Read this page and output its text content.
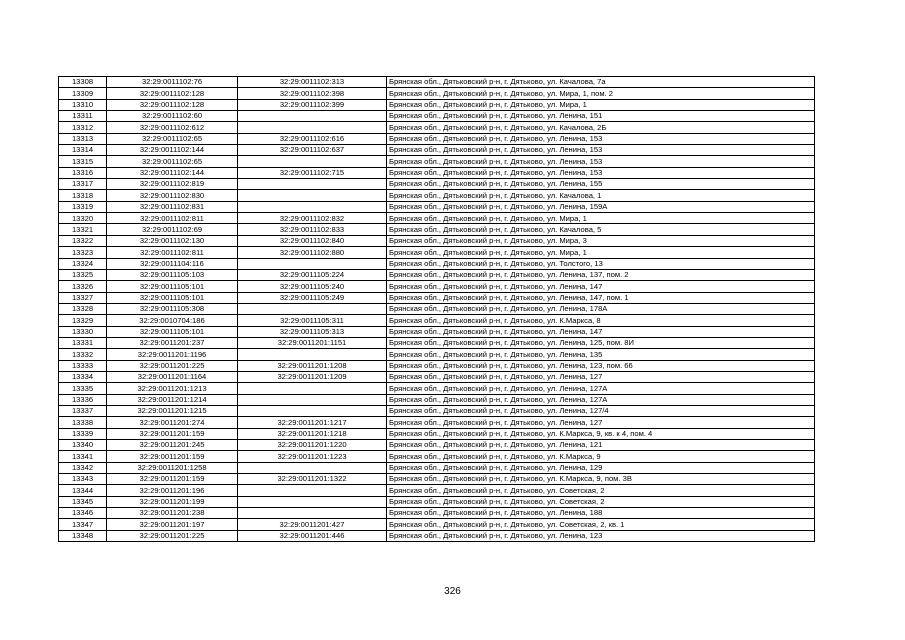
13308	32:29:0011102:76	32:29:0011102:313	Брянская обл., Дятьковский р-н, г. Дятьково, ул. Качалова, 7а
13309	32:29:0011102:128	32:29:0011102:398	Брянская обл., Дятьковский р-н, г. Дятьково, ул. Мира, 1, пом. 2
13310	32:29:0011102:128	32:29:0011102:399	Брянская обл., Дятьковский р-н, г. Дятьково, ул. Мира, 1
13311	32:29:0011102:60		Брянская обл., Дятьковский р-н, г. Дятьково, ул. Ленина, 151
13312	32:29:0011102:612		Брянская обл., Дятьковский р-н, г. Дятьково, ул. Качалова, 2Б
13313	32:29:0011102:65	32:29:0011102:616	Брянская обл., Дятьковский р-н, г. Дятьково, ул. Ленина, 153
13314	32:29:0011102:144	32:29:0011102:637	Брянская обл., Дятьковский р-н, г. Дятьково, ул. Ленина, 153
13315	32:29:0011102:65		Брянская обл., Дятьковский р-н, г. Дятьково, ул. Ленина, 153
13316	32:29:0011102:144	32:29:0011102:715	Брянская обл., Дятьковский р-н, г. Дятьково, ул. Ленина, 153
13317	32:29:0011102:819		Брянская обл., Дятьковский р-н, г. Дятьково, ул. Ленина, 155
13318	32:29:0011102:830		Брянская обл., Дятьковский р-н, г. Дятьково, ул. Качалова, 1
13319	32:29:0011102:831		Брянская обл., Дятьковский р-н, г. Дятьково, ул. Ленина, 159А
13320	32:29:0011102:811	32:29:0011102:832	Брянская обл., Дятьковский р-н, г. Дятьково, ул. Мира, 1
13321	32:29:0011102:69	32:29:0011102:833	Брянская обл., Дятьковский р-н, г. Дятьково, ул. Качалова, 5
13322	32:29:0011102:130	32:29:0011102:840	Брянская обл., Дятьковский р-н, г. Дятьково, ул. Мира, 3
13323	32:29:0011102:811	32:29:0011102:880	Брянская обл., Дятьковский р-н, г. Дятьково, ул. Мира, 1
13324	32:29:0011104:116		Брянская обл., Дятьковский р-н, г. Дятьково, ул. Толстого, 13
13325	32:29:0011105:103	32:29:0011105:224	Брянская обл., Дятьковский р-н, г. Дятьково, ул. Ленина, 137, пом. 2
13326	32:29:0011105:101	32:29:0011105:240	Брянская обл., Дятьковский р-н, г. Дятьково, ул. Ленина, 147
13327	32:29:0011105:101	32:29:0011105:249	Брянская обл., Дятьковский р-н, г. Дятьково, ул. Ленина, 147, пом. 1
13328	32:29:0011105:308		Брянская обл., Дятьковский р-н, г. Дятьково, ул. Ленина, 178А
13329	32:29:0010704:186	32:29:0011105:311	Брянская обл., Дятьковский р-н, г. Дятьково, ул. К.Маркса, 8
13330	32:29:0011105:101	32:29:0011105:313	Брянская обл., Дятьковский р-н, г. Дятьково, ул. Ленина, 147
13331	32:29:0011201:237	32:29:0011201:1151	Брянская обл., Дятьковский р-н, г. Дятьково, ул. Ленина, 125, пом. 8И
13332	32:29:0011201:1196		Брянская обл., Дятьковский р-н, г. Дятьково, ул. Ленина, 135
13333	32:29:0011201:225	32:29:0011201:1208	Брянская обл., Дятьковский р-н, г. Дятьково, ул. Ленина, 123, пом. 66
13334	32:29:0011201:1164	32:29:0011201:1209	Брянская обл., Дятьковский р-н, г. Дятьково, ул. Ленина, 127
13335	32:29:0011201:1213		Брянская обл., Дятьковский р-н, г. Дятьково, ул. Ленина, 127А
13336	32:29:0011201:1214		Брянская обл., Дятьковский р-н, г. Дятьково, ул. Ленина, 127А
13337	32:29:0011201:1215		Брянская обл., Дятьковский р-н, г. Дятьково, ул. Ленина, 127/4
13338	32:29:0011201:274	32:29:0011201:1217	Брянская обл., Дятьковский р-н, г. Дятьково, ул. Ленина, 127
13339	32:29:0011201:159	32:29:0011201:1218	Брянская обл., Дятьковский р-н, г. Дятьково, ул. К.Маркса, 9, кв. к 4, пом. 4
13340	32:29:0011201:245	32:29:0011201:1220	Брянская обл., Дятьковский р-н, г. Дятьково, ул. Ленина, 121
13341	32:29:0011201:159	32:29:0011201:1223	Брянская обл., Дятьковский р-н, г. Дятьково, ул. К.Маркса, 9
13342	32:29:0011201:1258		Брянская обл., Дятьковский р-н, г. Дятьково, ул. Ленина, 129
13343	32:29:0011201:159	32:29:0011201:1322	Брянская обл., Дятьковский р-н, г. Дятьково, ул. К.Маркса, 9, пом. 3В
13344	32:29:0011201:196		Брянская обл., Дятьковский р-н, г. Дятьково, ул. Советская, 2
13345	32:29:0011201:199		Брянская обл., Дятьковский р-н, г. Дятьково, ул. Советская, 2
13346	32:29:0011201:238		Брянская обл., Дятьковский р-н, г. Дятьково, ул. Ленина, 188
13347	32:29:0011201:197	32:29:0011201:427	Брянская обл., Дятьковский р-н, г. Дятьково, ул. Советская, 2, кв. 1
13348	32:29:0011201:225	32:29:0011201:446	Брянская обл., Дятьковский р-н, г. Дятьково, ул. Ленина, 123
326
